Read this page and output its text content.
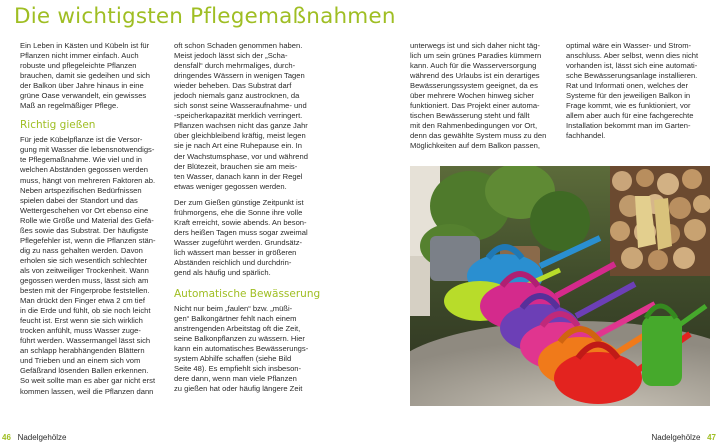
Die wichtigsten Pflegemaßnahmen

Ein Leben in Kästen und Kübeln ist für

Pflanzen nicht immer einfach. Auch

robuste und pflegeleichte Pflanzen

brauchen, damit sie gedeihen und sich

der Balkon über Jahre hinaus in eine

grüne Oase verwandelt, ein gewisses

Maß an regelmäßiger Pflege.

Richtig gießen

Für jede Kübelpflanze ist die Versor-

gung mit Wasser die lebensnotwendigs-

te Pflegemaßnahme. Wie viel und in

welchen Abständen gegossen werden

muss, hängt von mehreren Faktoren ab.

Neben artspezifischen Bedürfnissen

spielen dabei der Standort und das

Wettergeschehen vor Ort ebenso eine

Rolle wie Größe und Material des Gefä-

ßes sowie das Substrat. Der häufigste

Pflegefehler ist, wenn die Pflanzen stän-

dig zu nass gehalten werden. Davon

erholen sie sich wesentlich schlechter

als von zeitweiliger Trockenheit. Wann

gegossen werden muss, lässt sich am

besten mit der Fingerprobe feststellen.

Man drückt den Finger etwa 2 cm tief

in die Erde und fühlt, ob sie noch leicht

feucht ist. Erst wenn sie sich wirklich

trocken anfühlt, muss Wasser zuge-

führt werden. Wassermangel lässt sich

an schlapp herabhängenden Blättern

und Trieben und an einem sich vom

Gefäßrand lösenden Ballen erkennen.

So weit sollte man es aber gar nicht erst

kommen lassen, weil die Pflanzen dann

oft schon Schaden genommen haben.

Meist jedoch lässt sich der „Scha-

densfall“ durch mehrmaliges, durch-

dringendes Wässern in wenigen Tagen

wieder beheben. Das Substrat darf

jedoch niemals ganz austrocknen, da

sich sonst seine Wasseraufnahme- und

-speicherkapazität merklich verringert.

Pflanzen wachsen nicht das ganze Jahr

über gleichbleibend kräftig, meist legen

sie je nach Art eine Ruhepause ein. In

der Wachstumsphase, vor und während

der Blütezeit, brauchen sie am meis-

ten Wasser, danach kann in der Regel

etwas weniger gegossen werden.

Der zum Gießen günstige Zeitpunkt ist

frühmorgens, ehe die Sonne ihre volle

Kraft erreicht, sowie abends. An beson-

ders heißen Tagen muss sogar zweimal

Wasser zugeführt werden. Grundsätz-

lich wässert man besser in größeren

Abständen reichlich und durchdrin-

gend als häufig und spärlich.

Automatische Bewässerung

Nicht nur beim „faulen“ bzw. „müßi-

gen“ Balkongärtner fehlt nach einem

anstrengenden Arbeitstag oft die Zeit,

seine Balkonpflanzen zu wässern. Hier

kann ein automatisches Bewässerungs-

system Abhilfe schaffen (siehe Bild

Seite 48). Es empfiehlt sich insbeson-

dere dann, wenn man viele Pflanzen

zu gießen hat oder häufig längere Zeit

unterwegs ist und sich daher nicht täg-

lich um sein grünes Paradies kümmern

kann. Auch für die Wasserversorgung

während des Urlaubs ist ein derartiges

Bewässerungssystem geeignet, da es

über mehrere Wochen hinweg sicher

funktioniert. Das Projekt einer automa-

tischen Bewässerung steht und fällt

mit den Rahmenbedingungen vor Ort,

denn das gewählte System muss zu den

Möglichkeiten auf dem Balkon passen,

optimal wäre ein Wasser- und Strom-

anschluss. Aber selbst, wenn dies nicht

vorhanden ist, lässt sich eine automati-

sche Bewässerungsanlage installieren.

Rat und Informati onen, welches der

Systeme für den jeweiligen Balkon in

Frage kommt, wie es funktioniert, vor

allem aber auch für eine fachgerechte

Installation bekommt man im Garten-

fachhandel.

46 Nadelgehölze	Nadelgehölze 47
